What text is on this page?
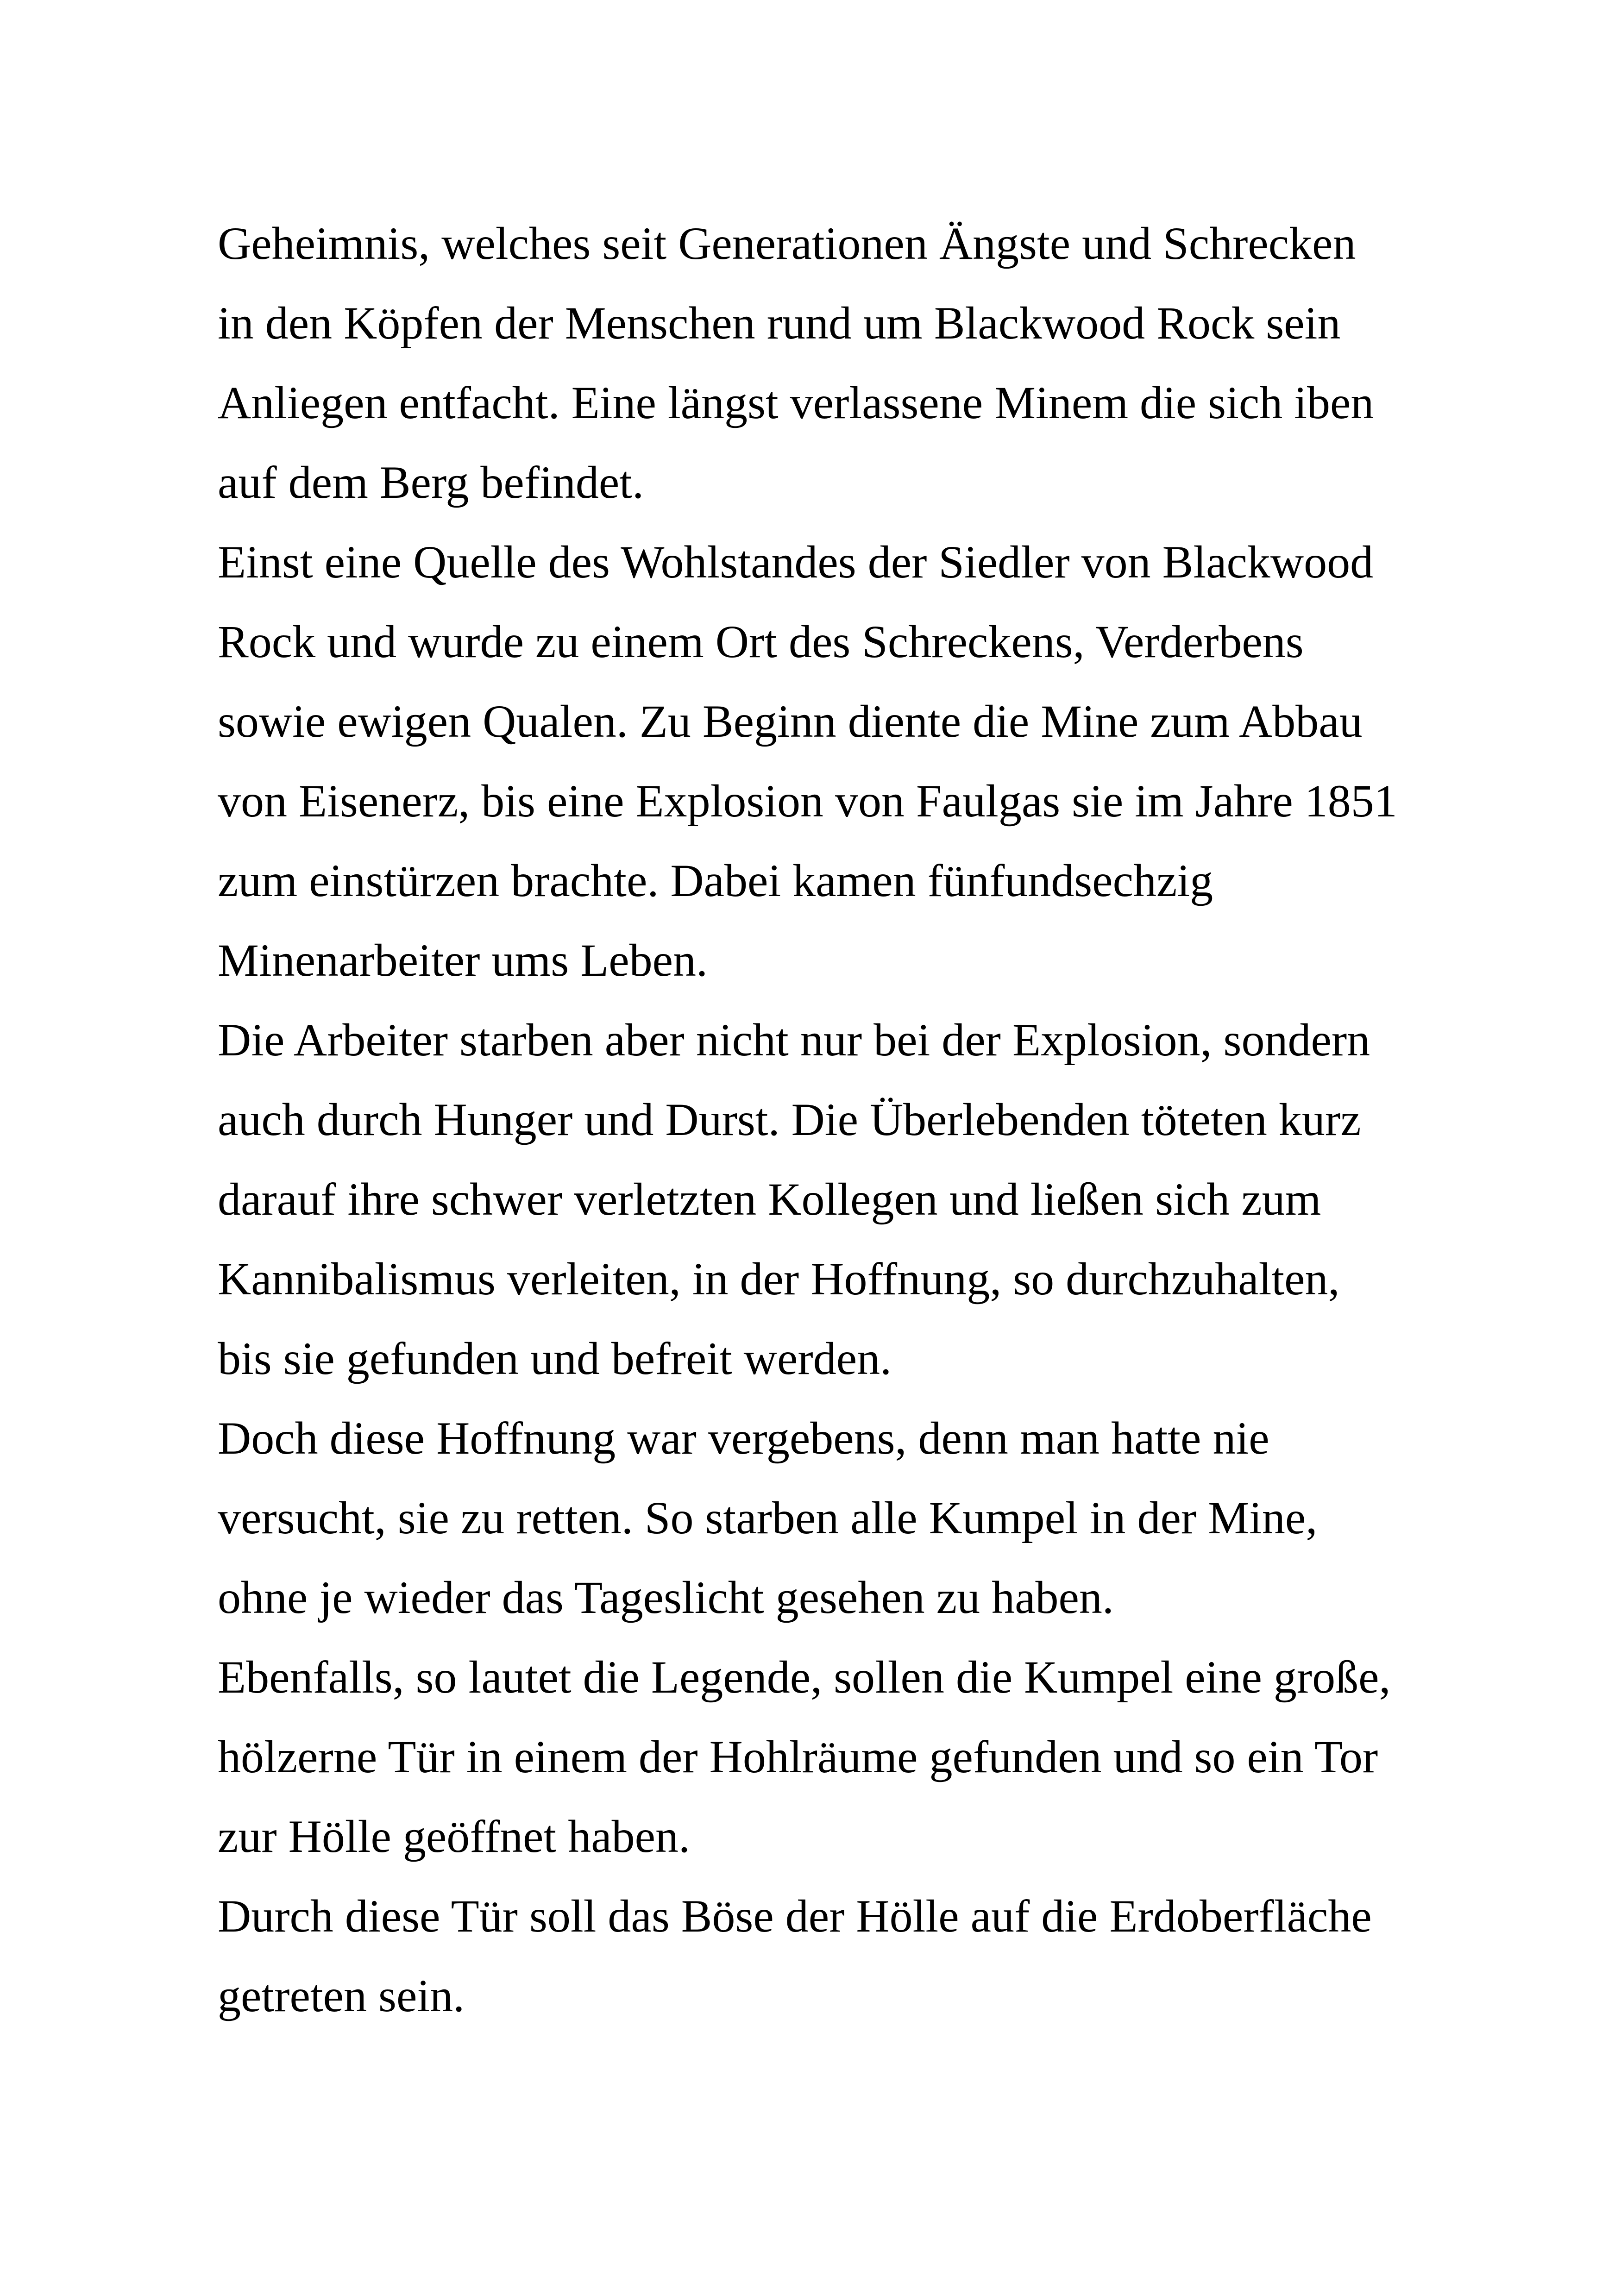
Geheimnis, welches seit Generationen Ängste und Schrecken
in den Köpfen der Menschen rund um Blackwood Rock sein
Anliegen entfacht. Eine längst verlassene Minem die sich iben
auf dem Berg befindet.
Einst eine Quelle des Wohlstandes der Siedler von Blackwood
Rock und wurde zu einem Ort des Schreckens, Verderbens
sowie ewigen Qualen. Zu Beginn diente die Mine zum Abbau
von Eisenerz, bis eine Explosion von Faulgas sie im Jahre 1851
zum einstürzen brachte. Dabei kamen fünfundsechzig
Minenarbeiter ums Leben.
Die Arbeiter starben aber nicht nur bei der Explosion, sondern
auch durch Hunger und Durst. Die Überlebenden töteten kurz
darauf ihre schwer verletzten Kollegen und ließen sich zum
Kannibalismus verleiten, in der Hoffnung, so durchzuhalten,
bis sie gefunden und befreit werden.
Doch diese Hoffnung war vergebens, denn man hatte nie
versucht, sie zu retten. So starben alle Kumpel in der Mine,
ohne je wieder das Tageslicht gesehen zu haben.
Ebenfalls, so lautet die Legende, sollen die Kumpel eine große,
hölzerne Tür in einem der Hohlräume gefunden und so ein Tor
zur Hölle geöffnet haben.
Durch diese Tür soll das Böse der Hölle auf die Erdoberfläche
getreten sein.
